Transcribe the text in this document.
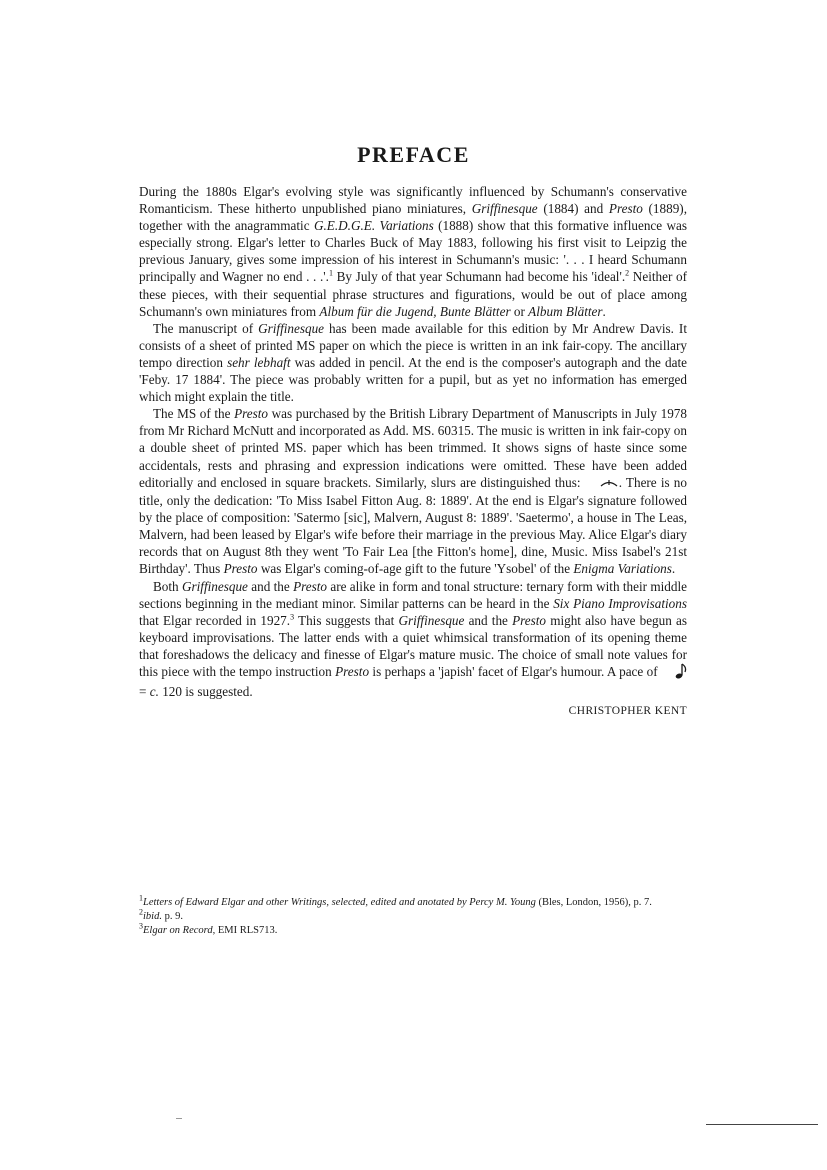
PREFACE

During the 1880s Elgar's evolving style was significantly influenced by Schumann's conservative Romanticism. These hitherto unpublished piano miniatures, Griffinesque (1884) and Presto (1889), together with the anagrammatic G.E.D.G.E. Variations (1888) show that this formative influence was especially strong. Elgar's letter to Charles Buck of May 1883, following his first visit to Leipzig the previous January, gives some impression of his interest in Schumann's music: '. . . I heard Schumann principally and Wagner no end . . .'.$^1$ By July of that year Schumann had become his 'ideal'.$^2$ Neither of these pieces, with their sequential phrase structures and figurations, would be out of place among Schumann's own miniatures from Album für die Jugend, Bunte Blätter or Album Blätter.

The manuscript of Griffinesque has been made available for this edition by Mr Andrew Davis. It consists of a sheet of printed MS paper on which the piece is written in an ink fair-copy. The ancillary tempo direction sehr lebhaft was added in pencil. At the end is the composer's autograph and the date 'Feby. 17 1884'. The piece was probably written for a pupil, but as yet no information has emerged which might explain the title.

The MS of the Presto was purchased by the British Library Department of Manuscripts in July 1978 from Mr Richard McNutt and incorporated as Add. MS. 60315. The music is written in ink fair-copy on a double sheet of printed MS. paper which has been trimmed. It shows signs of haste since some accidentals, rests and phrasing and expression indications were omitted. These have been added editorially and enclosed in square brackets. Similarly, slurs are distinguished thus:	. There is no title, only the dedication: 'To Miss Isabel Fitton Aug. 8: 1889'. At the end is Elgar's signature followed by the place of composition: 'Satermo [sic], Malvern, August 8: 1889'. 'Saetermo', a house in The Leas, Malvern, had been leased by Elgar's wife before their marriage in the previous May. Alice Elgar's diary records that on August 8th they went 'To Fair Lea [the Fitton's home], dine, Music. Miss Isabel's 21st Birthday'. Thus Presto was Elgar's coming-of-age gift to the future 'Ysobel' of the Enigma Variations.

Both Griffinesque and the Presto are alike in form and tonal structure: ternary form with their middle sections beginning in the mediant minor. Similar patterns can be heard in the Six Piano Improvisations that Elgar recorded in 1927.$^3$ This suggests that Griffinesque and the Presto might also have begun as keyboard improvisations. The latter ends with a quiet whimsical transformation of its opening theme that foreshadows the delicacy and finesse of Elgar's mature music. The choice of small note values for this piece with the tempo instruction Presto is perhaps a 'japish' facet of Elgar's humour. A pace of  = c. 120 is suggested.

CHRISTOPHER KENT

$^1$Letters of Edward Elgar and other Writings, selected, edited and anotated by Percy M. Young (Bles, London, 1956), p. 7.

$^2$ibid. p. 9.

$^3$Elgar on Record, EMI RLS713.
